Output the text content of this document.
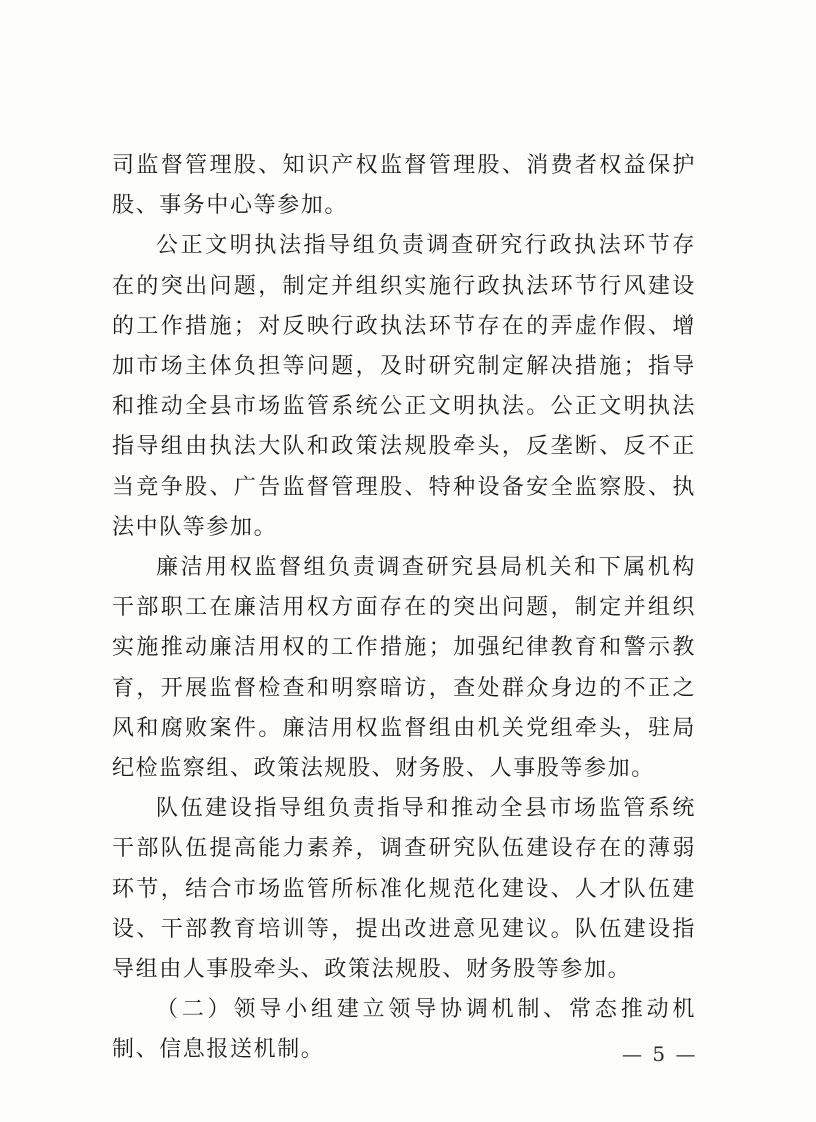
司监督管理股、知识产权监督管理股、消费者权益保护股、事务中心等参加。

公正文明执法指导组负责调查研究行政执法环节存在的突出问题，制定并组织实施行政执法环节行风建设的工作措施；对反映行政执法环节存在的弄虚作假、增加市场主体负担等问题，及时研究制定解决措施；指导和推动全县市场监管系统公正文明执法。公正文明执法指导组由执法大队和政策法规股牵头，反垄断、反不正当竞争股、广告监督管理股、特种设备安全监察股、执法中队等参加。

廉洁用权监督组负责调查研究县局机关和下属机构干部职工在廉洁用权方面存在的突出问题，制定并组织实施推动廉洁用权的工作措施；加强纪律教育和警示教育，开展监督检查和明察暗访，查处群众身边的不正之风和腐败案件。廉洁用权监督组由机关党组牵头，驻局纪检监察组、政策法规股、财务股、人事股等参加。

队伍建设指导组负责指导和推动全县市场监管系统干部队伍提高能力素养，调查研究队伍建设存在的薄弱环节，结合市场监管所标准化规范化建设、人才队伍建设、干部教育培训等，提出改进意见建议。队伍建设指导组由人事股牵头、政策法规股、财务股等参加。

（二）领导小组建立领导协调机制、常态推动机制、信息报送机制。	— 5 —
